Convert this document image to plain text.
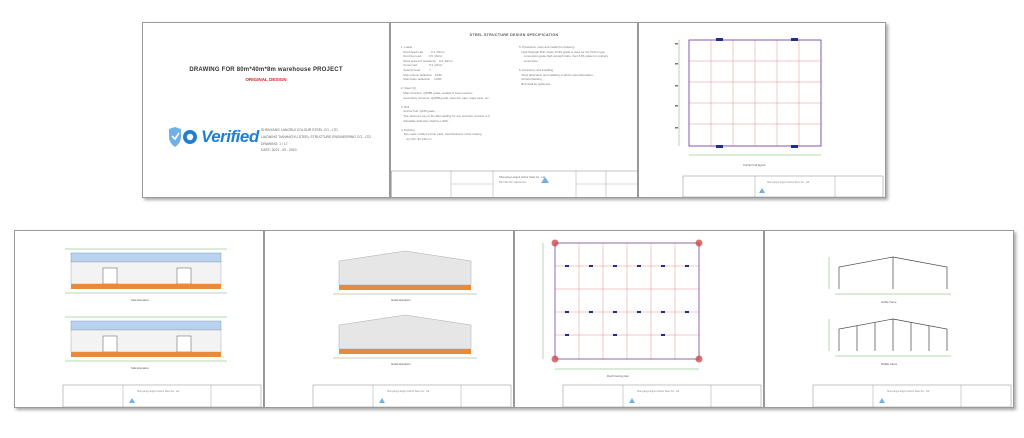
DRAWING FOR 80m*40m*8m warehouse PROJECT
ORIGINAL DESIGN
Verified SHENYANG LANGRUI COLOUR STEEL CO., LTD
LIAONING TIANHAOYU STEEL STRUCTURE ENGINEERING CO., LTD
DRAWING: 1 / 17
DATE: 2021 - 09 - 2019
STEEL STRUCTURE DESIGN SPECIFICATION
1. Loads
Roof dead load          0.3  kN/m²
Roof live load          0.5  kN/m²
Wind speed of resistance    0.6  kN/m²
Snow load               0.3  kN/m²
Seismic level           7
Max column deflection   1/150
Max beam deflection     1/180

2. Steel (Q)
Main structure: Q345B grade, welded H-beam section
Secondary structure: Q235B grade, steel bar, pipe, angle steel, etc.

3. Bolt
Anchor bolt: Q235 grade, ...
The minimum size of the fillet welding for any structure member is 6
Allowable deflection shall be L/180 ...

4. Painting
Two coats of Alkyd primer paint, total thickness of the coating
....dry film: 90-130 um
5. Production, tests and install (for drawing)
High Strength Bolt: Class 10.9S grade is used for the friction type
...connection grade high strength bolts, then 8.8S grade for ordinary
...connection.

6. Accessory and installing
Steel fabrication and installing of all the steel fabrication,
All field Welding ...
Bolt shall be tightened...
Shenyang Langrui Colour Steel Co., Ltd
80m*40m*8m warehouse
Anchor bolt layout
Shenyang Langrui Colour Steel Co., Ltd
Side Elevation
Side Elevation
Shenyang Langrui Colour Steel Co., Ltd
Gable Elevation
Gable Elevation
Shenyang Langrui Colour Steel Co., Ltd
Roof bracing plan
Shenyang Langrui Colour Steel Co., Ltd
Gable frame
Middle frame
Shenyang Langrui Colour Steel Co., Ltd
